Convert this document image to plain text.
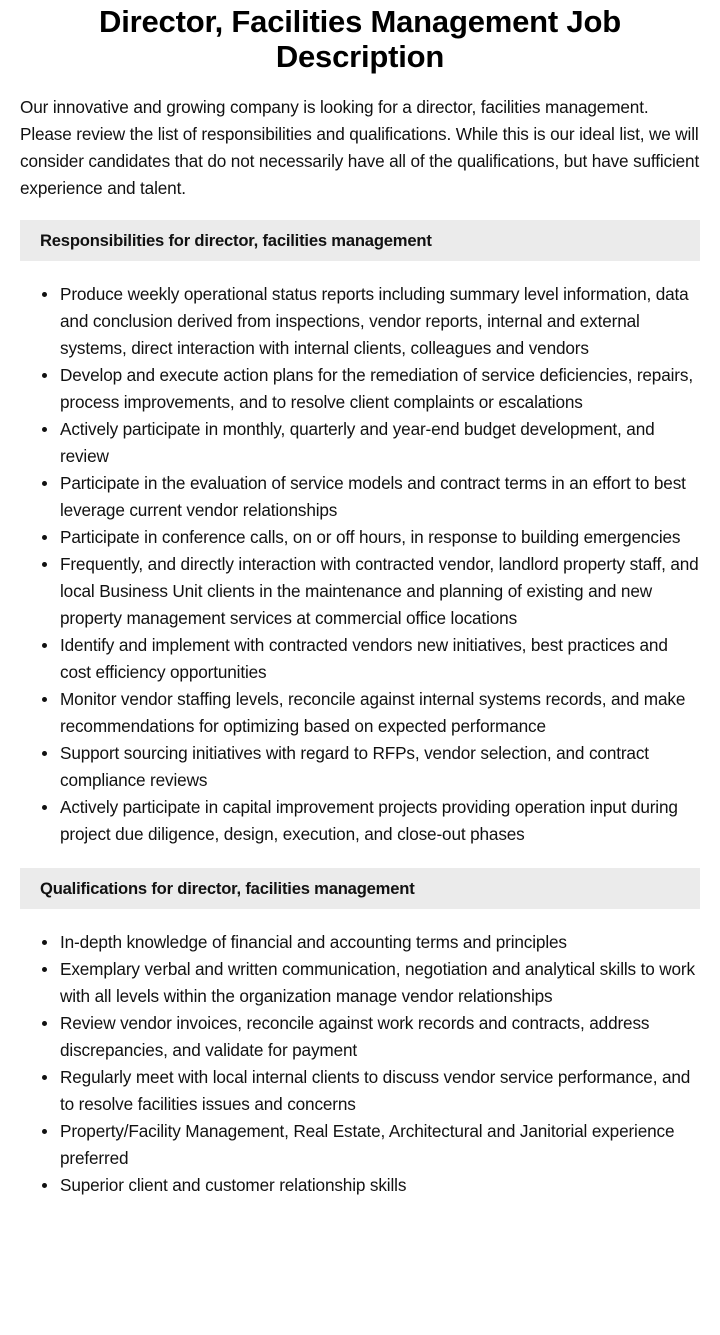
Director, Facilities Management Job Description

Our innovative and growing company is looking for a director, facilities management. Please review the list of responsibilities and qualifications. While this is our ideal list, we will consider candidates that do not necessarily have all of the qualifications, but have sufficient experience and talent.

Responsibilities for director, facilities management
Produce weekly operational status reports including summary level information, data and conclusion derived from inspections, vendor reports, internal and external systems, direct interaction with internal clients, colleagues and vendors
Develop and execute action plans for the remediation of service deficiencies, repairs, process improvements, and to resolve client complaints or escalations
Actively participate in monthly, quarterly and year-end budget development, and review
Participate in the evaluation of service models and contract terms in an effort to best leverage current vendor relationships
Participate in conference calls, on or off hours, in response to building emergencies
Frequently, and directly interaction with contracted vendor, landlord property staff, and local Business Unit clients in the maintenance and planning of existing and new property management services at commercial office locations
Identify and implement with contracted vendors new initiatives, best practices and cost efficiency opportunities
Monitor vendor staffing levels, reconcile against internal systems records, and make recommendations for optimizing based on expected performance
Support sourcing initiatives with regard to RFPs, vendor selection, and contract compliance reviews
Actively participate in capital improvement projects providing operation input during project due diligence, design, execution, and close-out phases
Qualifications for director, facilities management
In-depth knowledge of financial and accounting terms and principles
Exemplary verbal and written communication, negotiation and analytical skills to work with all levels within the organization manage vendor relationships
Review vendor invoices, reconcile against work records and contracts, address discrepancies, and validate for payment
Regularly meet with local internal clients to discuss vendor service performance, and to resolve facilities issues and concerns
Property/Facility Management, Real Estate, Architectural and Janitorial experience preferred
Superior client and customer relationship skills
